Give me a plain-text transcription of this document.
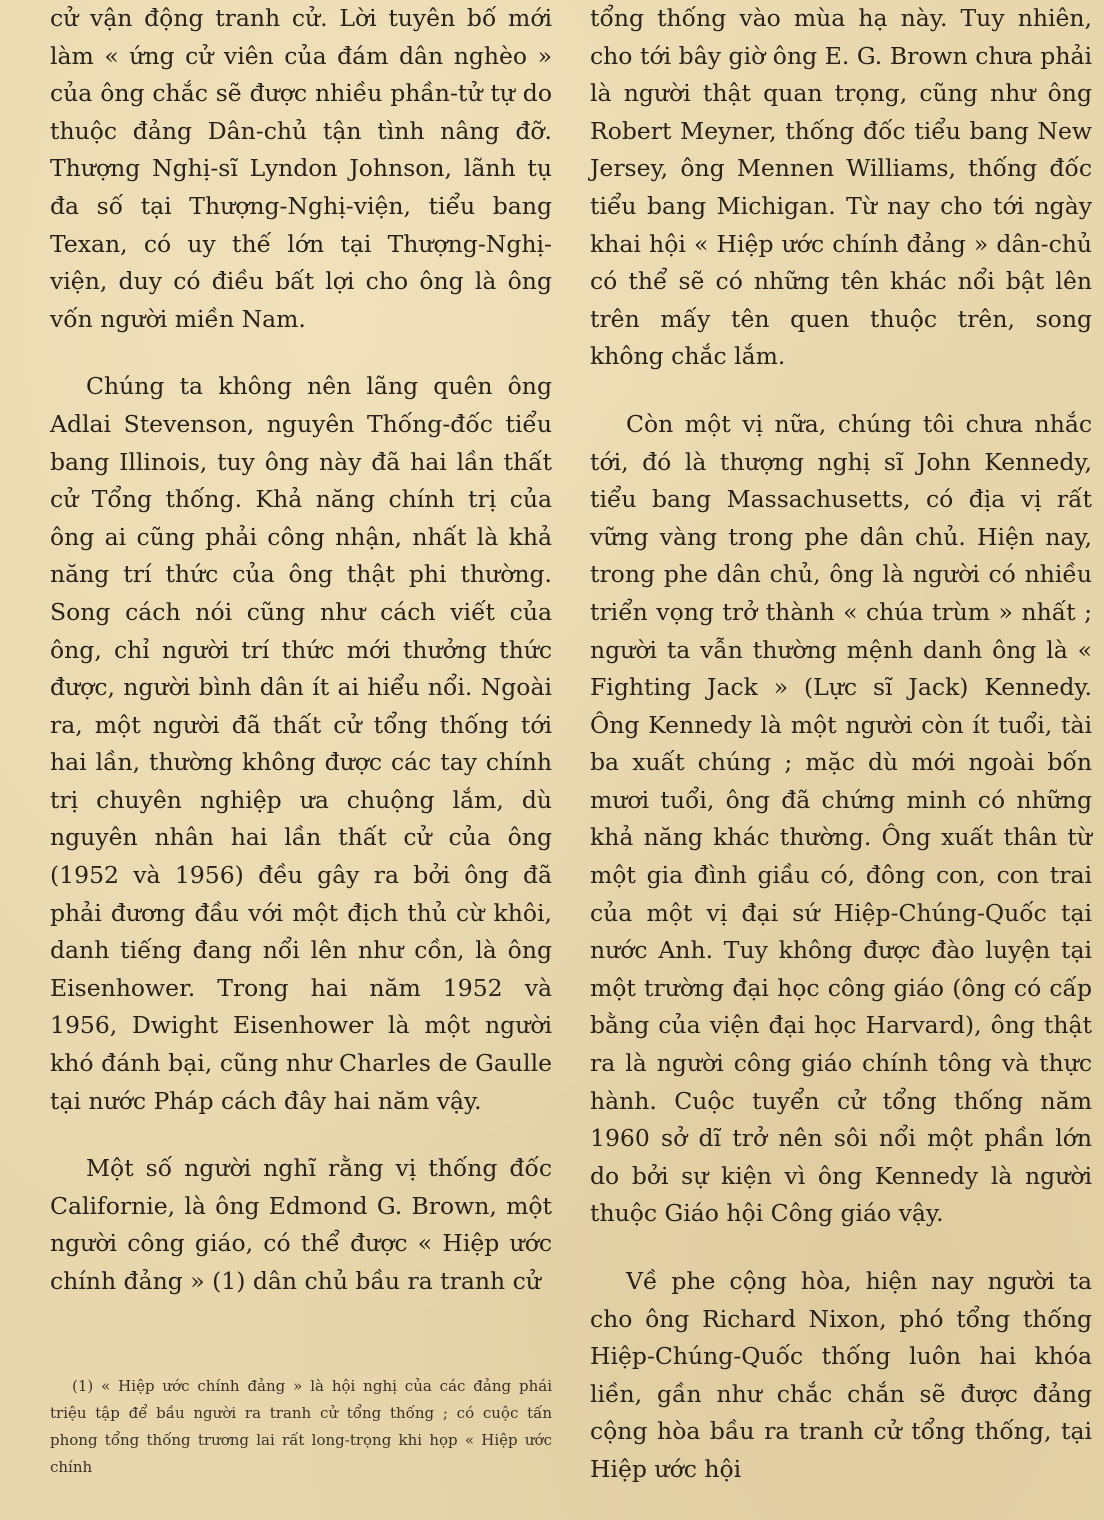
cử vận động tranh cử. Lời tuyên bố mới làm « ứng cử viên của đám dân nghèo » của ông chắc sẽ được nhiều phần-tử tự do thuộc đảng Dân-chủ tận tình nâng đỡ. Thượng Nghị-sĩ Lyndon Johnson, lãnh tụ đa số tại Thượng-Nghị-viện, tiểu bang Texan, có uy thế lớn tại Thượng-Nghị-viện, duy có điều bất lợi cho ông là ông vốn người miền Nam.

Chúng ta không nên lãng quên ông Adlai Stevenson, nguyên Thống-đốc tiểu bang Illinois, tuy ông này đã hai lần thất cử Tổng thống. Khả năng chính trị của ông ai cũng phải công nhận, nhất là khả năng trí thức của ông thật phi thường. Song cách nói cũng như cách viết của ông, chỉ người trí thức mới thưởng thức được, người bình dân ít ai hiểu nổi. Ngoài ra, một người đã thất cử tổng thống tới hai lần, thường không được các tay chính trị chuyên nghiệp ưa chuộng lắm, dù nguyên nhân hai lần thất cử của ông (1952 và 1956) đều gây ra bởi ông đã phải đương đầu với một địch thủ cừ khôi, danh tiếng đang nổi lên như cồn, là ông Eisenhower. Trong hai năm 1952 và 1956, Dwight Eisenhower là một người khó đánh bại, cũng như Charles de Gaulle tại nước Pháp cách đây hai năm vậy.

Một số người nghĩ rằng vị thống đốc Californie, là ông Edmond G. Brown, một người công giáo, có thể được « Hiệp ước chính đảng » (1) dân chủ bầu ra tranh cử

(1) « Hiệp ước chính đảng » là hội nghị của các đảng phái triệu tập để bầu người ra tranh cử tổng thống ; có cuộc tấn phong tổng thống trương lai rất long-trọng khi họp « Hiệp ước chính

tổng thống vào mùa hạ này. Tuy nhiên, cho tới bây giờ ông E. G. Brown chưa phải là người thật quan trọng, cũng như ông Robert Meyner, thống đốc tiểu bang New Jersey, ông Mennen Williams, thống đốc tiểu bang Michigan. Từ nay cho tới ngày khai hội « Hiệp ước chính đảng » dân-chủ có thể sẽ có những tên khác nổi bật lên trên mấy tên quen thuộc trên, song không chắc lắm.

Còn một vị nữa, chúng tôi chưa nhắc tới, đó là thượng nghị sĩ John Kennedy, tiểu bang Massachusetts, có địa vị rất vững vàng trong phe dân chủ. Hiện nay, trong phe dân chủ, ông là người có nhiều triển vọng trở thành « chúa trùm » nhất ; người ta vẫn thường mệnh danh ông là « Fighting Jack » (Lực sĩ Jack) Kennedy. Ông Kennedy là một người còn ít tuổi, tài ba xuất chúng ; mặc dù mới ngoài bốn mươi tuổi, ông đã chứng minh có những khả năng khác thường. Ông xuất thân từ một gia đình giầu có, đông con, con trai của một vị đại sứ Hiệp-Chúng-Quốc tại nước Anh. Tuy không được đào luyện tại một trường đại học công giáo (ông có cấp bằng của viện đại học Harvard), ông thật ra là người công giáo chính tông và thực hành. Cuộc tuyển cử tổng thống năm 1960 sở dĩ trở nên sôi nổi một phần lớn do bởi sự kiện vì ông Kennedy là người thuộc Giáo hội Công giáo vậy.

Về phe cộng hòa, hiện nay người ta cho ông Richard Nixon, phó tổng thống Hiệp-Chúng-Quốc thống luôn hai khóa liền, gần như chắc chắn sẽ được đảng cộng hòa bầu ra tranh cử tổng thống, tại Hiệp ước hội
